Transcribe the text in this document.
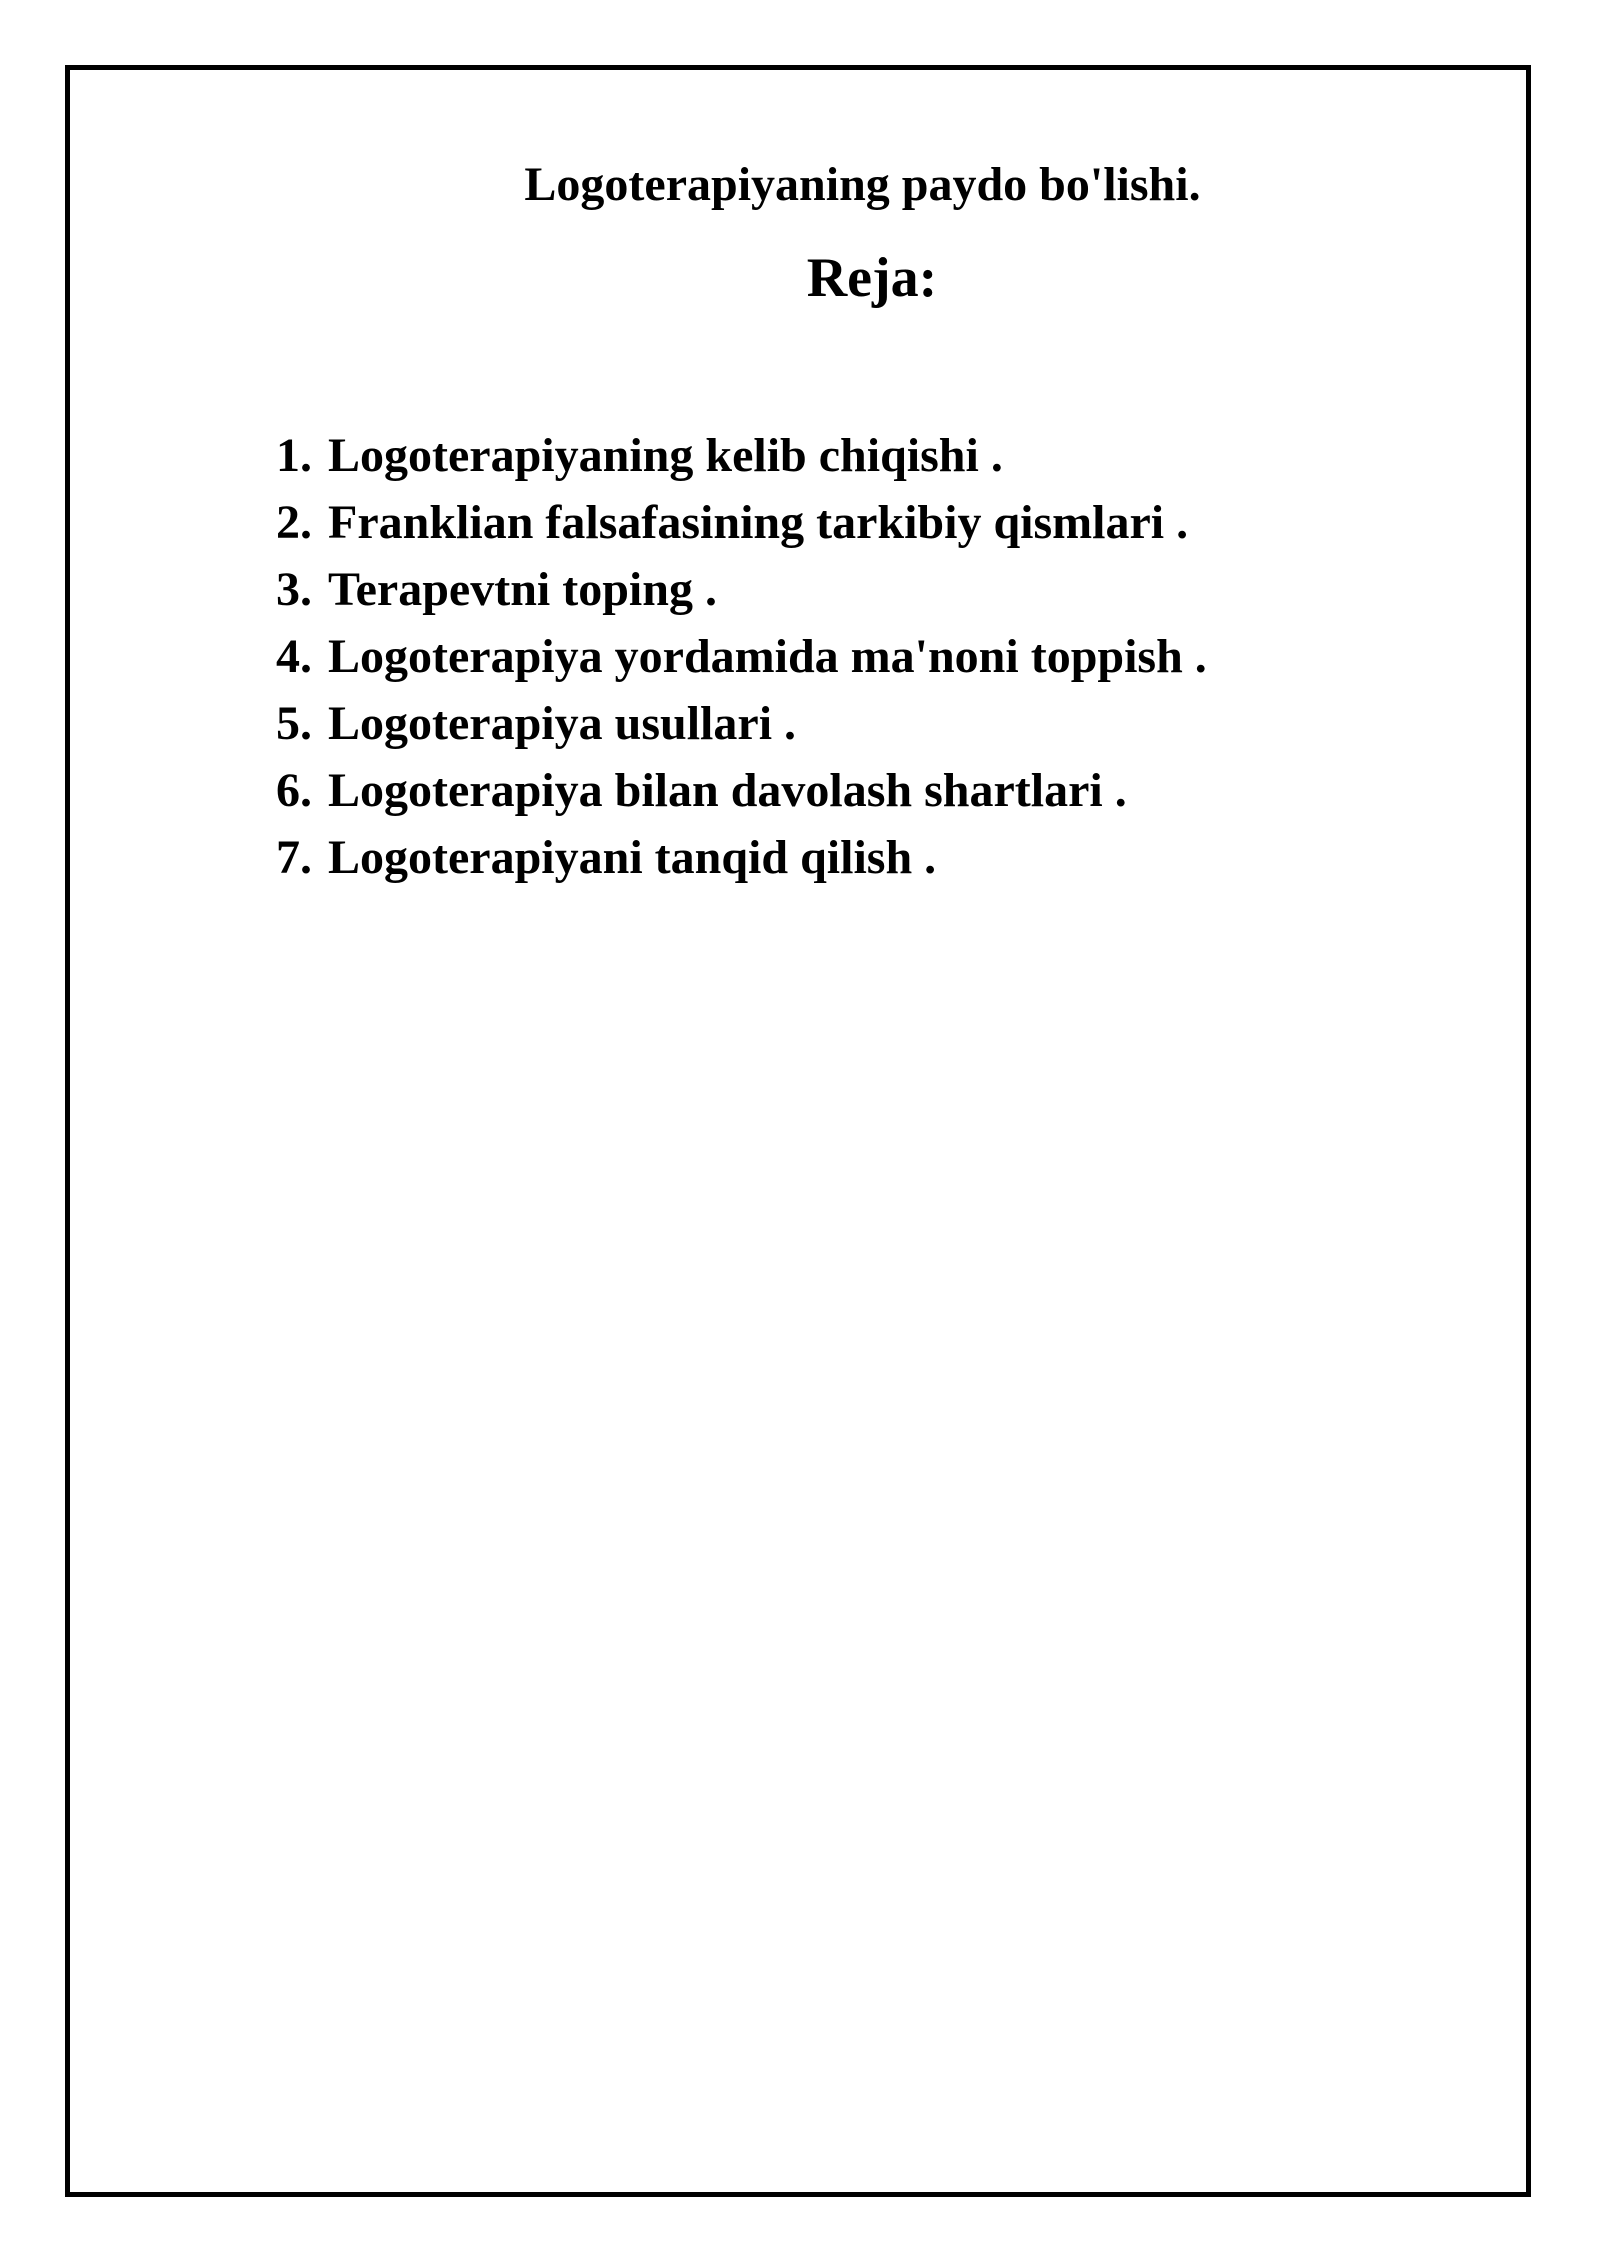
Logoterapiyaning paydo bo'lishi.
Reja:
1. Logoterapiyaning kelib chiqishi .
2. Franklian falsafasining tarkibiy qismlari .
3. Terapevtni toping .
4. Logoterapiya yordamida ma'noni toppish .
5. Logoterapiya usullari .
6. Logoterapiya bilan davolash shartlari .
7. Logoterapiyani tanqid qilish .
